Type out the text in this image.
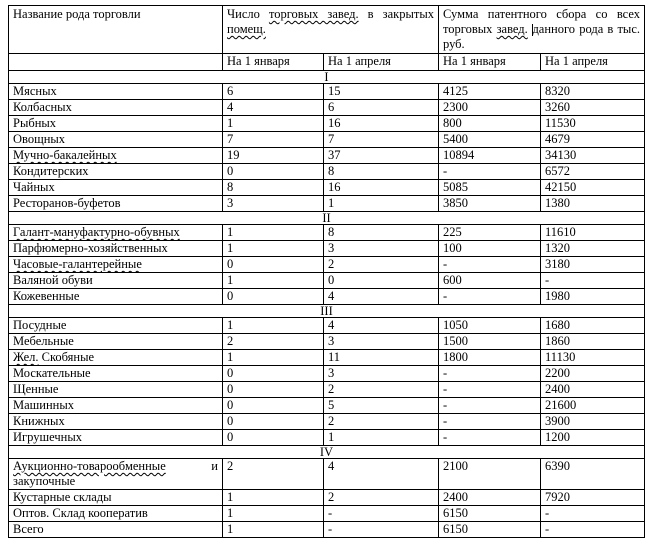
Название рода торговли	Число торговых завед. в закрытых помещ.		Сумма патентного сбора со всех торговых завед. данного рода в тыс. руб.	
	На 1 января	На 1 апреля	На 1 января	На 1 апреля
I				

Мясных	6	15	4125	8320

Колбасных	4	6	2300	3260

Рыбных	1	16	800	11530

Овощных	7	7	5400	4679

Мучно-бакалейных	19	37	10894	34130

Кондитерских	0	8	-	6572

Чайных	8	16	5085	42150

Ресторанов-буфетов	3	1	3850	1380
II				

Галант-мануфактурно-обувных	1	8	225	11610

Парфюмерно-хозяйственных	1	3	100	1320

Часовые-галантерейные	0	2	-	3180

Валяной обуви	1	0	600	-

Кожевенные	0	4	-	1980
III				

Посудные	1	4	1050	1680

Мебельные	2	3	1500	1860

Жел. Скобяные	1	11	1800	11130

Москательные	0	3	-	2200

Щенные	0	2	-	2400

Машинных	0	5	-	21600

Книжных	0	2	-	3900

Игрушечных	0	1	-	1200
IV				

Аукционно-товарообменные и
закупочные	2	4	2100	6390

Кустарные склады	1	2	2400	7920

Оптов. Склад кооператив	1	-	6150	-

Всего	1	-	6150	-
